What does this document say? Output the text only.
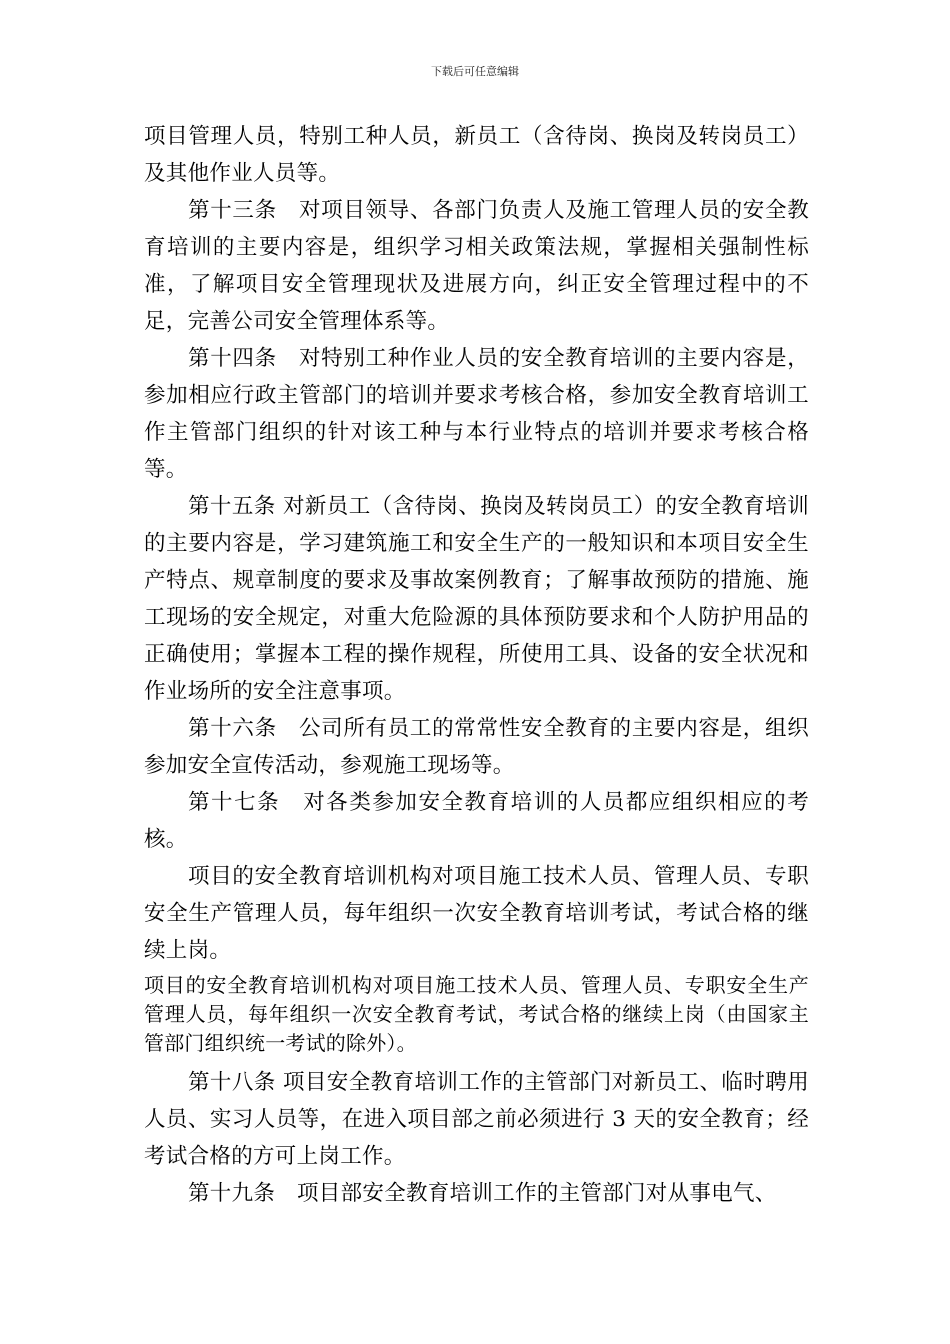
下载后可任意编辑

项目管理人员，特别工种人员，新员工（含待岗、换岗及转岗员工）及其他作业人员等。

第十三条　对项目领导、各部门负责人及施工管理人员的安全教育培训的主要内容是，组织学习相关政策法规，掌握相关强制性标准，了解项目安全管理现状及进展方向，纠正安全管理过程中的不足，完善公司安全管理体系等。

第十四条　对特别工种作业人员的安全教育培训的主要内容是，参加相应行政主管部门的培训并要求考核合格，参加安全教育培训工作主管部门组织的针对该工种与本行业特点的培训并要求考核合格等。

第十五条 对新员工（含待岗、换岗及转岗员工）的安全教育培训的主要内容是，学习建筑施工和安全生产的一般知识和本项目安全生产特点、规章制度的要求及事故案例教育；了解事故预防的措施、施工现场的安全规定，对重大危险源的具体预防要求和个人防护用品的正确使用；掌握本工程的操作规程，所使用工具、设备的安全状况和作业场所的安全注意事项。

第十六条　公司所有员工的常常性安全教育的主要内容是，组织参加安全宣传活动，参观施工现场等。

第十七条　对各类参加安全教育培训的人员都应组织相应的考核。

项目的安全教育培训机构对项目施工技术人员、管理人员、专职安全生产管理人员，每年组织一次安全教育培训考试，考试合格的继续上岗。

项目的安全教育培训机构对项目施工技术人员、管理人员、专职安全生产管理人员，每年组织一次安全教育考试，考试合格的继续上岗（由国家主管部门组织统一考试的除外）。

第十八条 项目安全教育培训工作的主管部门对新员工、临时聘用人员、实习人员等，在进入项目部之前必须进行 3 天的安全教育；经考试合格的方可上岗工作。

第十九条　项目部安全教育培训工作的主管部门对从事电气、
